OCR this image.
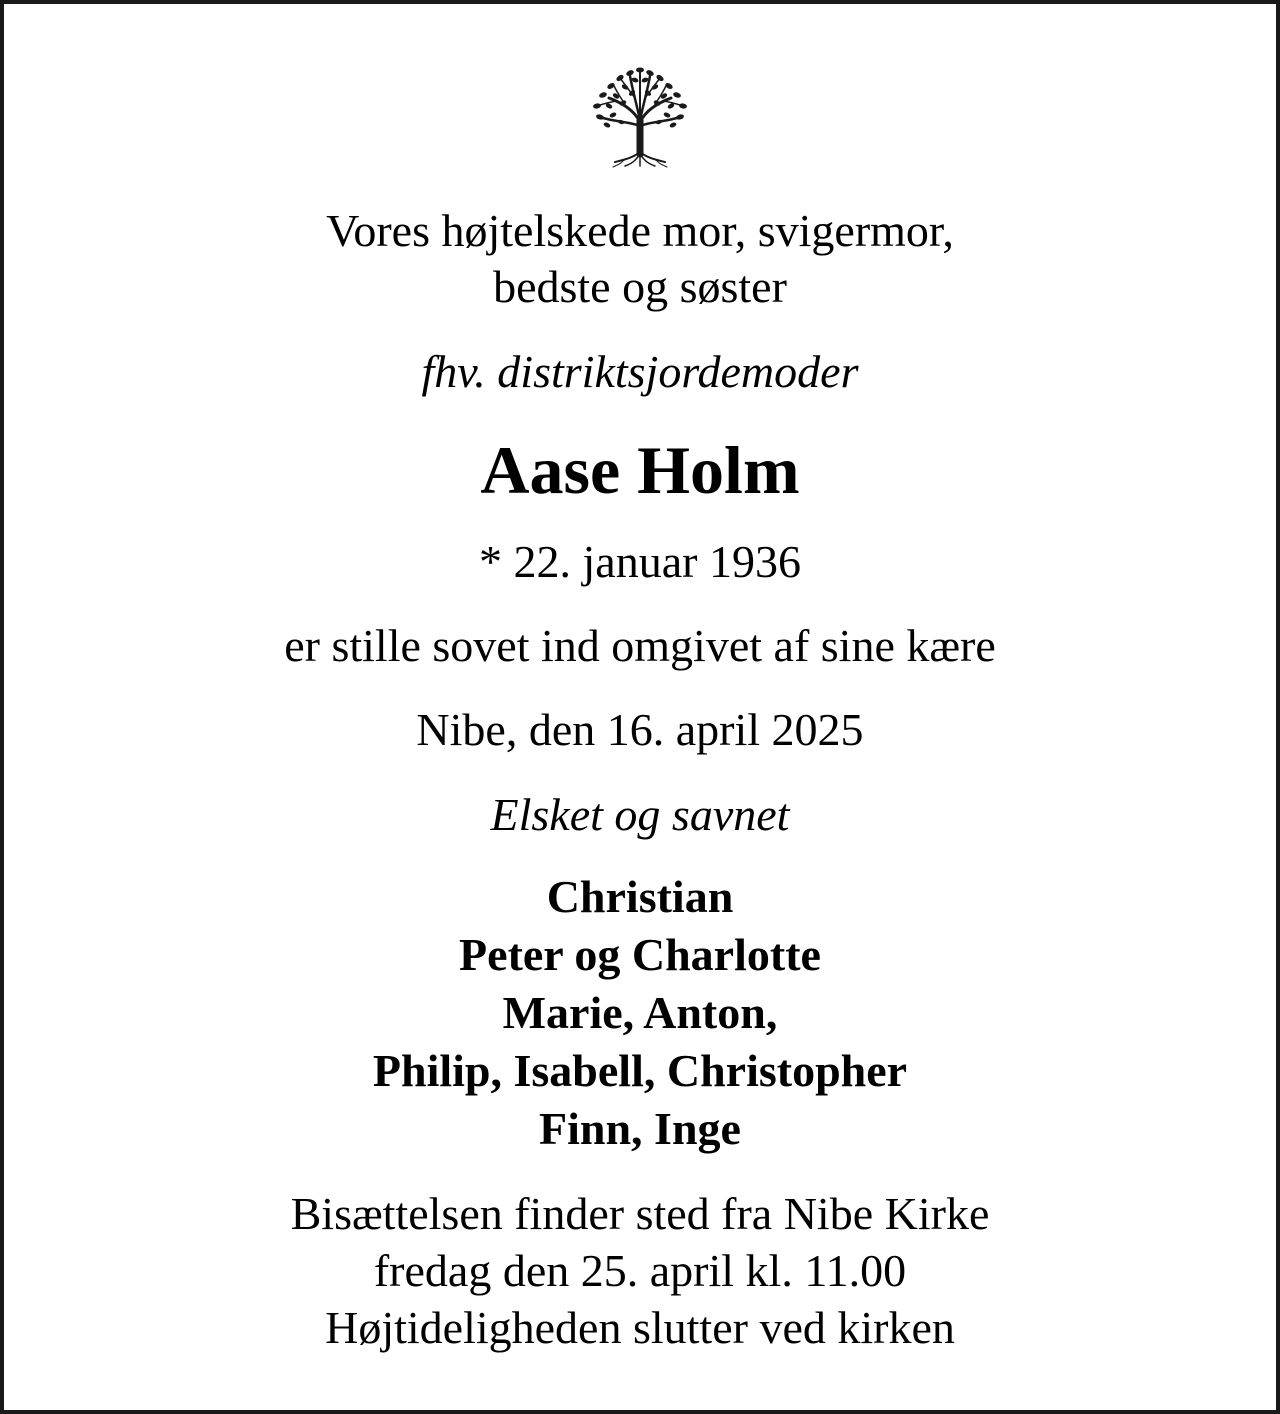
Vores højtelskede mor, svigermor,
bedste og søster
fhv. distriktsjordemoder
Aase Holm
* 22. januar 1936
er stille sovet ind omgivet af sine kære
Nibe, den 16. april 2025
Elsket og savnet
Christian
Peter og Charlotte
Marie, Anton,
Philip, Isabell, Christopher
Finn, Inge
Bisættelsen finder sted fra Nibe Kirke
fredag den 25. april kl. 11.00
Højtideligheden slutter ved kirken
